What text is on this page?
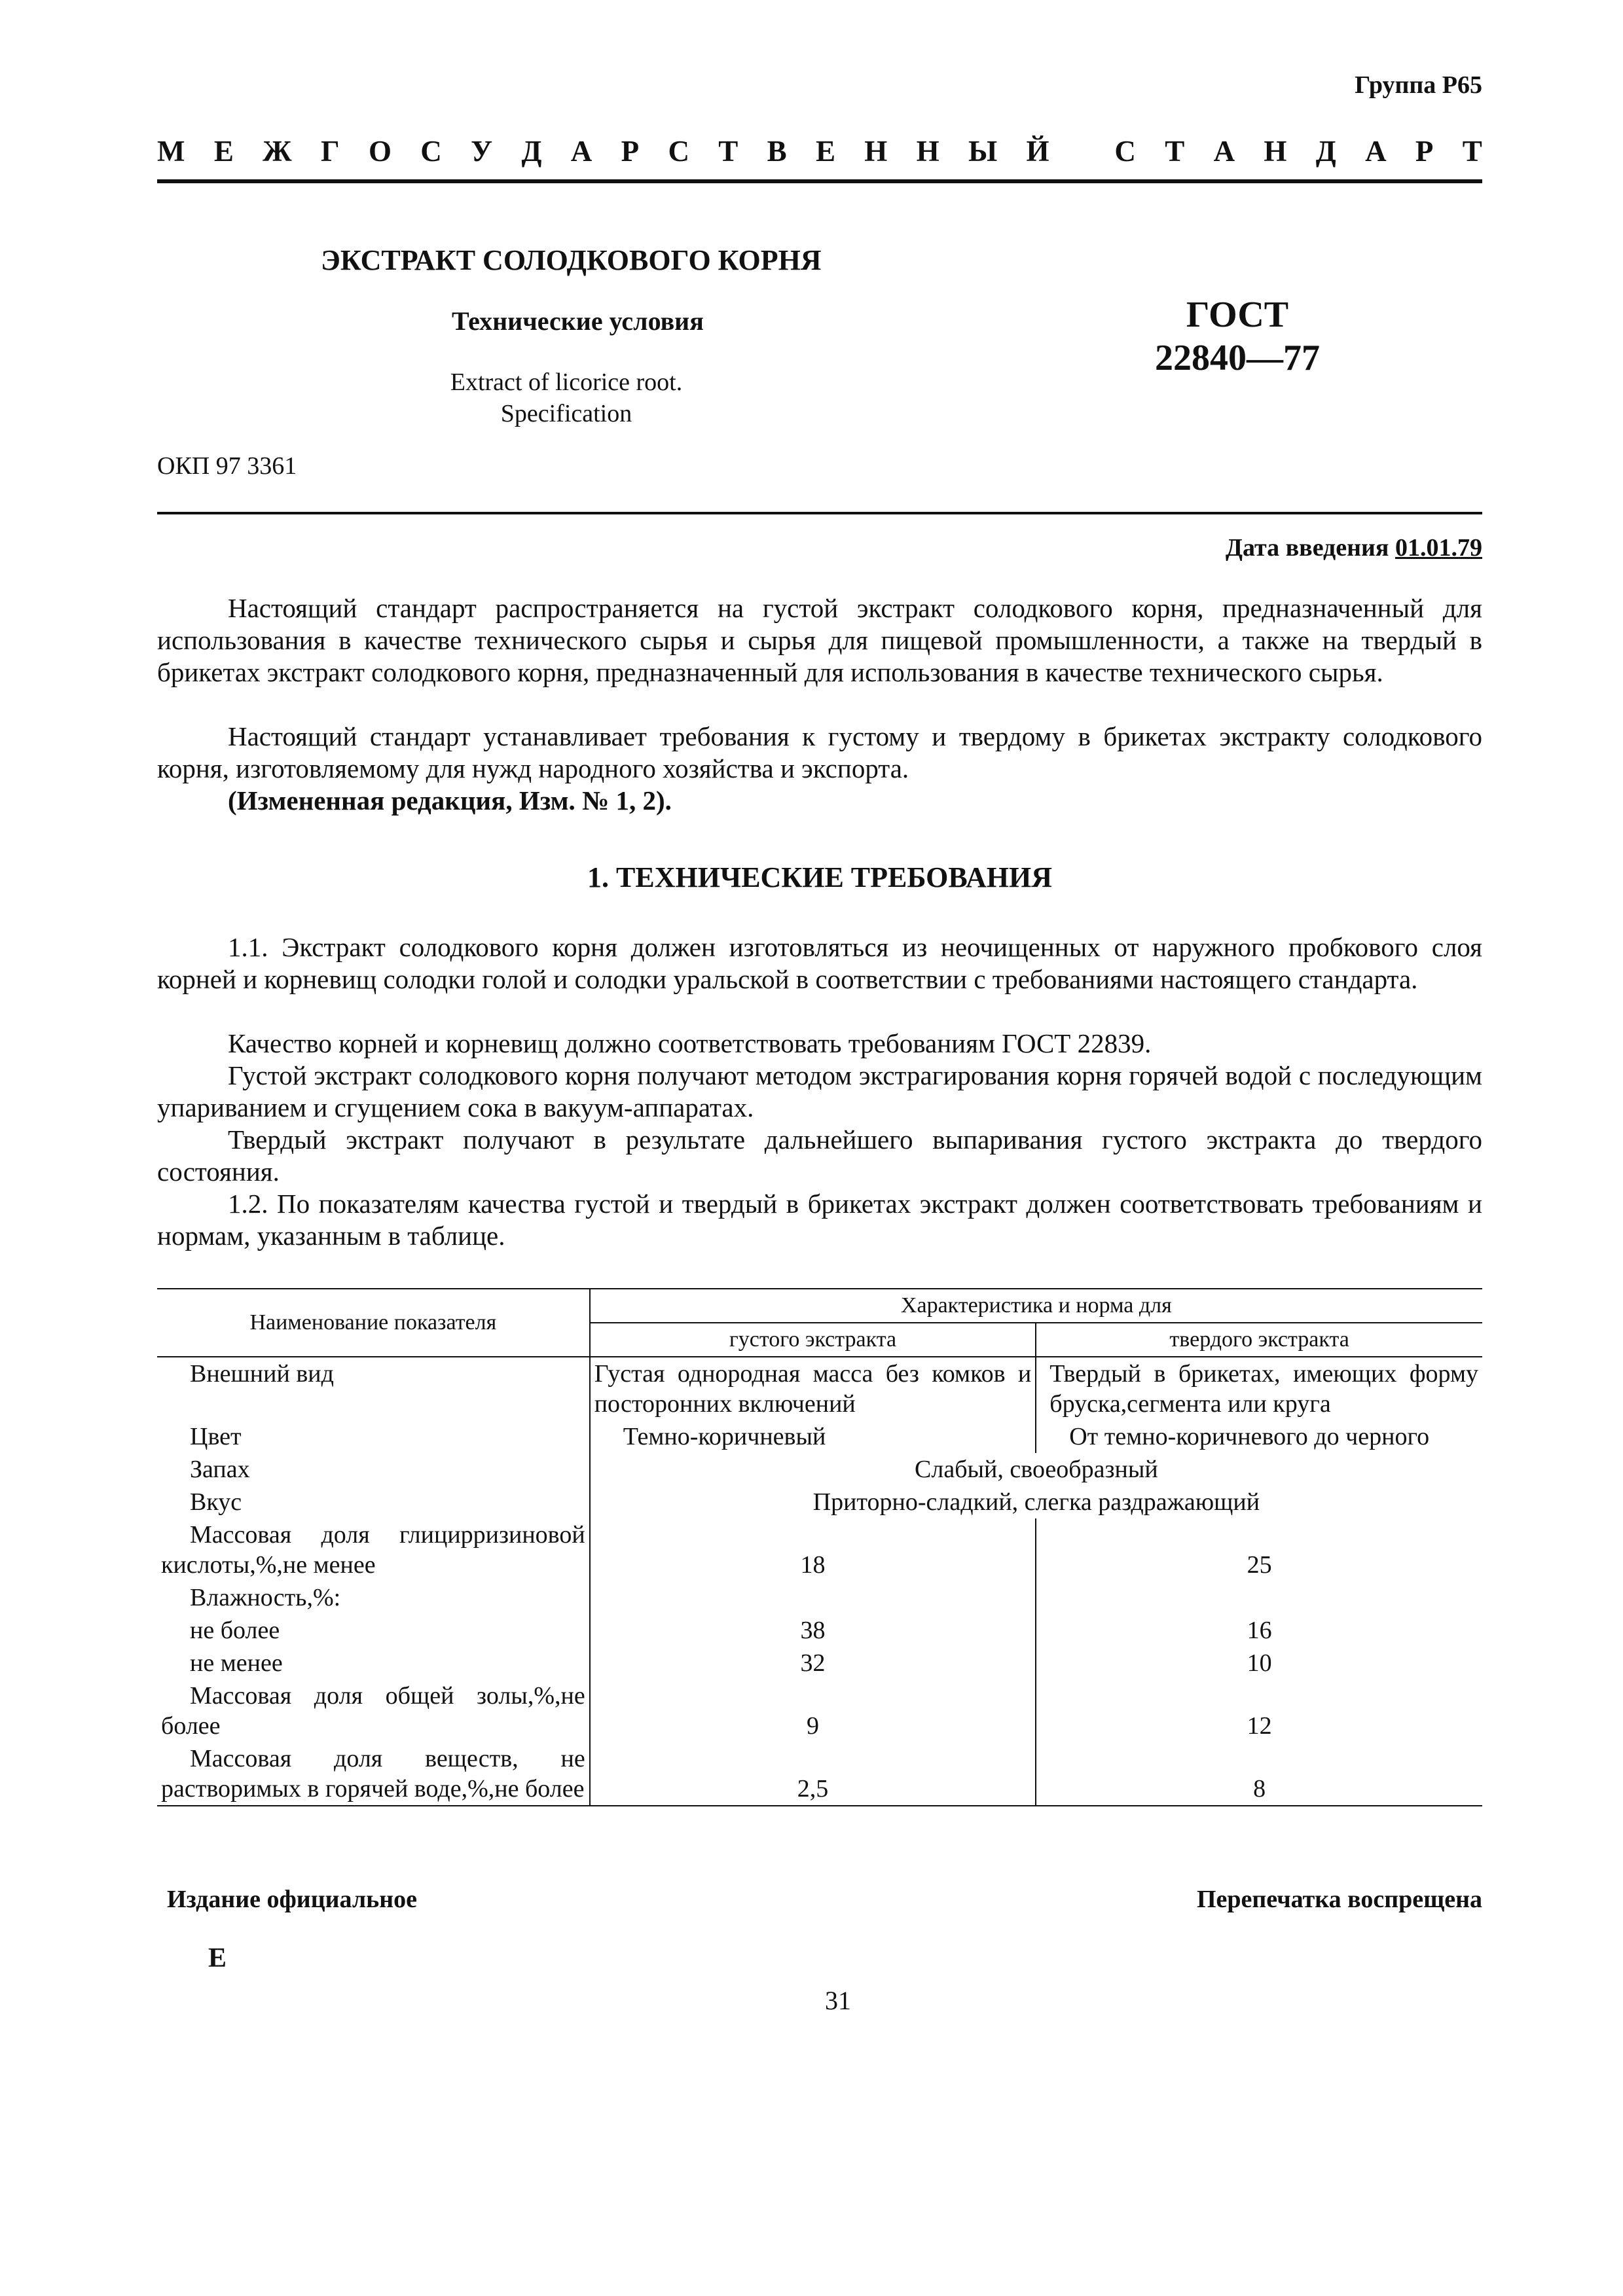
Группа Р65
М Е Ж Г О С У Д А Р С Т В Е Н Н Ы Й
С Т А Н Д А Р Т
ЭКСТРАКТ СОЛОДКОВОГО КОРНЯ
Технические условия
Extract of licorice root.
Specification
ГОСТ
22840—77
ОКП 97 3361
Дата введения 01.01.79

Настоящий стандарт распространяется на густой экстракт солодкового корня, предназначенный для использования в качестве технического сырья и сырья для пищевой промышленности, а также на твердый в брикетах экстракт солодкового корня, предназначенный для использования в качестве технического сырья.

Настоящий стандарт устанавливает требования к густому и твердому в брикетах экстракту солодкового корня, изготовляемому для нужд народного хозяйства и экспорта.

(Измененная редакция, Изм. № 1, 2).

1. ТЕХНИЧЕСКИЕ ТРЕБОВАНИЯ

1.1. Экстракт солодкового корня должен изготовляться из неочищенных от наружного пробкового слоя корней и корневищ солодки голой и солодки уральской в соответствии с требованиями настоящего стандарта.

Качество корней и корневищ должно соответствовать требованиям ГОСТ 22839.

Густой экстракт солодкового корня получают методом экстрагирования корня горячей водой с последующим упариванием и сгущением сока в вакуум-аппаратах.

Твердый экстракт получают в результате дальнейшего выпаривания густого экстракта до твердого состояния.

1.2. По показателям качества густой и твердый в брикетах экстракт должен соответствовать требованиям и нормам, указанным в таблице.

Наименование показателя	Характеристика и норма для	
	густого экстракта	твердого экстракта
Внешний вид	Густая однородная масса без комков и посторонних включений	Твердый в брикетах, имеющих форму бруска,сегмента или круга
Цвет	Темно-коричневый	От темно-коричневого до черного
Запах	Слабый, своеобразный	
Вкус	Приторно-сладкий, слегка раздражающий	
Массовая доля глицирризиновой кислоты,%,не менее	18	25
Влажность,%:		
не более	38	16
не менее	32	10
Массовая доля общей золы,%,не более	9	12
Массовая доля веществ, не растворимых в горячей воде,%,не более	2,5	8
Издание официальное	Перепечатка воспрещена
Е
31
